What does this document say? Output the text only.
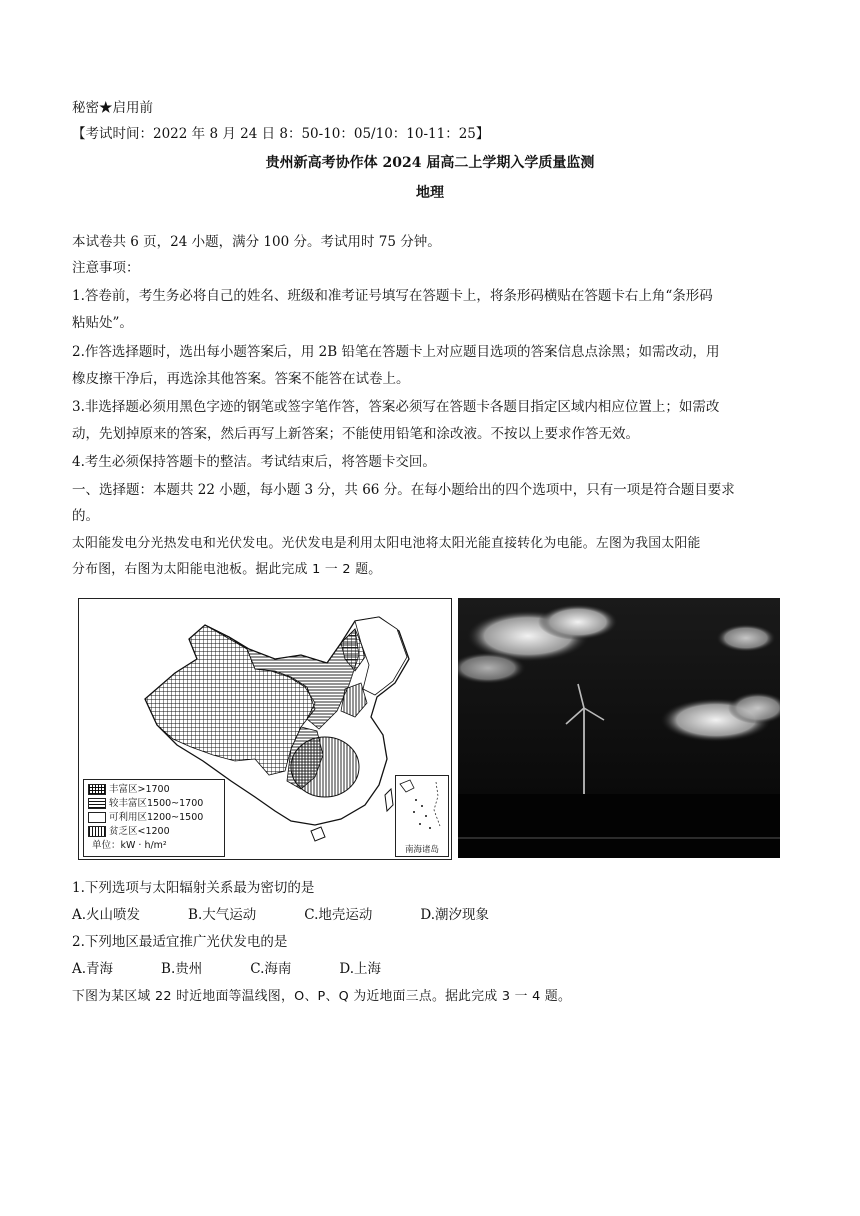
秘密★启用前
【考试时间：2022 年 8 月 24 日 8：50-10：05/10：10-11：25】
贵州新高考协作体 2024 届高二上学期入学质量监测
地理
本试卷共 6 页，24 小题，满分 100 分。考试用时 75 分钟。
注意事项：
1.答卷前，考生务必将自己的姓名、班级和准考证号填写在答题卡上，将条形码横贴在答题卡右上角“条形码
粘贴处”。
2.作答选择题时，选出每小题答案后，用 2B 铅笔在答题卡上对应题目选项的答案信息点涂黑；如需改动，用
橡皮擦干净后，再选涂其他答案。答案不能答在试卷上。
3.非选择题必须用黑色字迹的钢笔或签字笔作答，答案必须写在答题卡各题目指定区域内相应位置上；如需改
动，先划掉原来的答案，然后再写上新答案；不能使用铅笔和涂改液。不按以上要求作答无效。
4.考生必须保持答题卡的整洁。考试结束后，将答题卡交回。
一、选择题：本题共 22 小题，每小题 3 分，共 66 分。在每小题给出的四个选项中，只有一项是符合题目要求
的。
太阳能发电分光热发电和光伏发电。光伏发电是利用太阳电池将太阳光能直接转化为电能。左图为我国太阳能
分布图，右图为太阳能电池板。据此完成 1 一 2 题。
丰富区>1700
较丰富区1500~1700
可利用区1200~1500
贫乏区<1200
单位：kW · h/m²	南海诸岛
1.下列选项与太阳辐射关系最为密切的是
A.火山喷发	B.大气运动	C.地壳运动	D.潮汐现象
2.下列地区最适宜推广光伏发电的是
A.青海	B.贵州	C.海南	D.上海
下图为某区域 22 时近地面等温线图，O、P、Q 为近地面三点。据此完成 3 一 4 题。
